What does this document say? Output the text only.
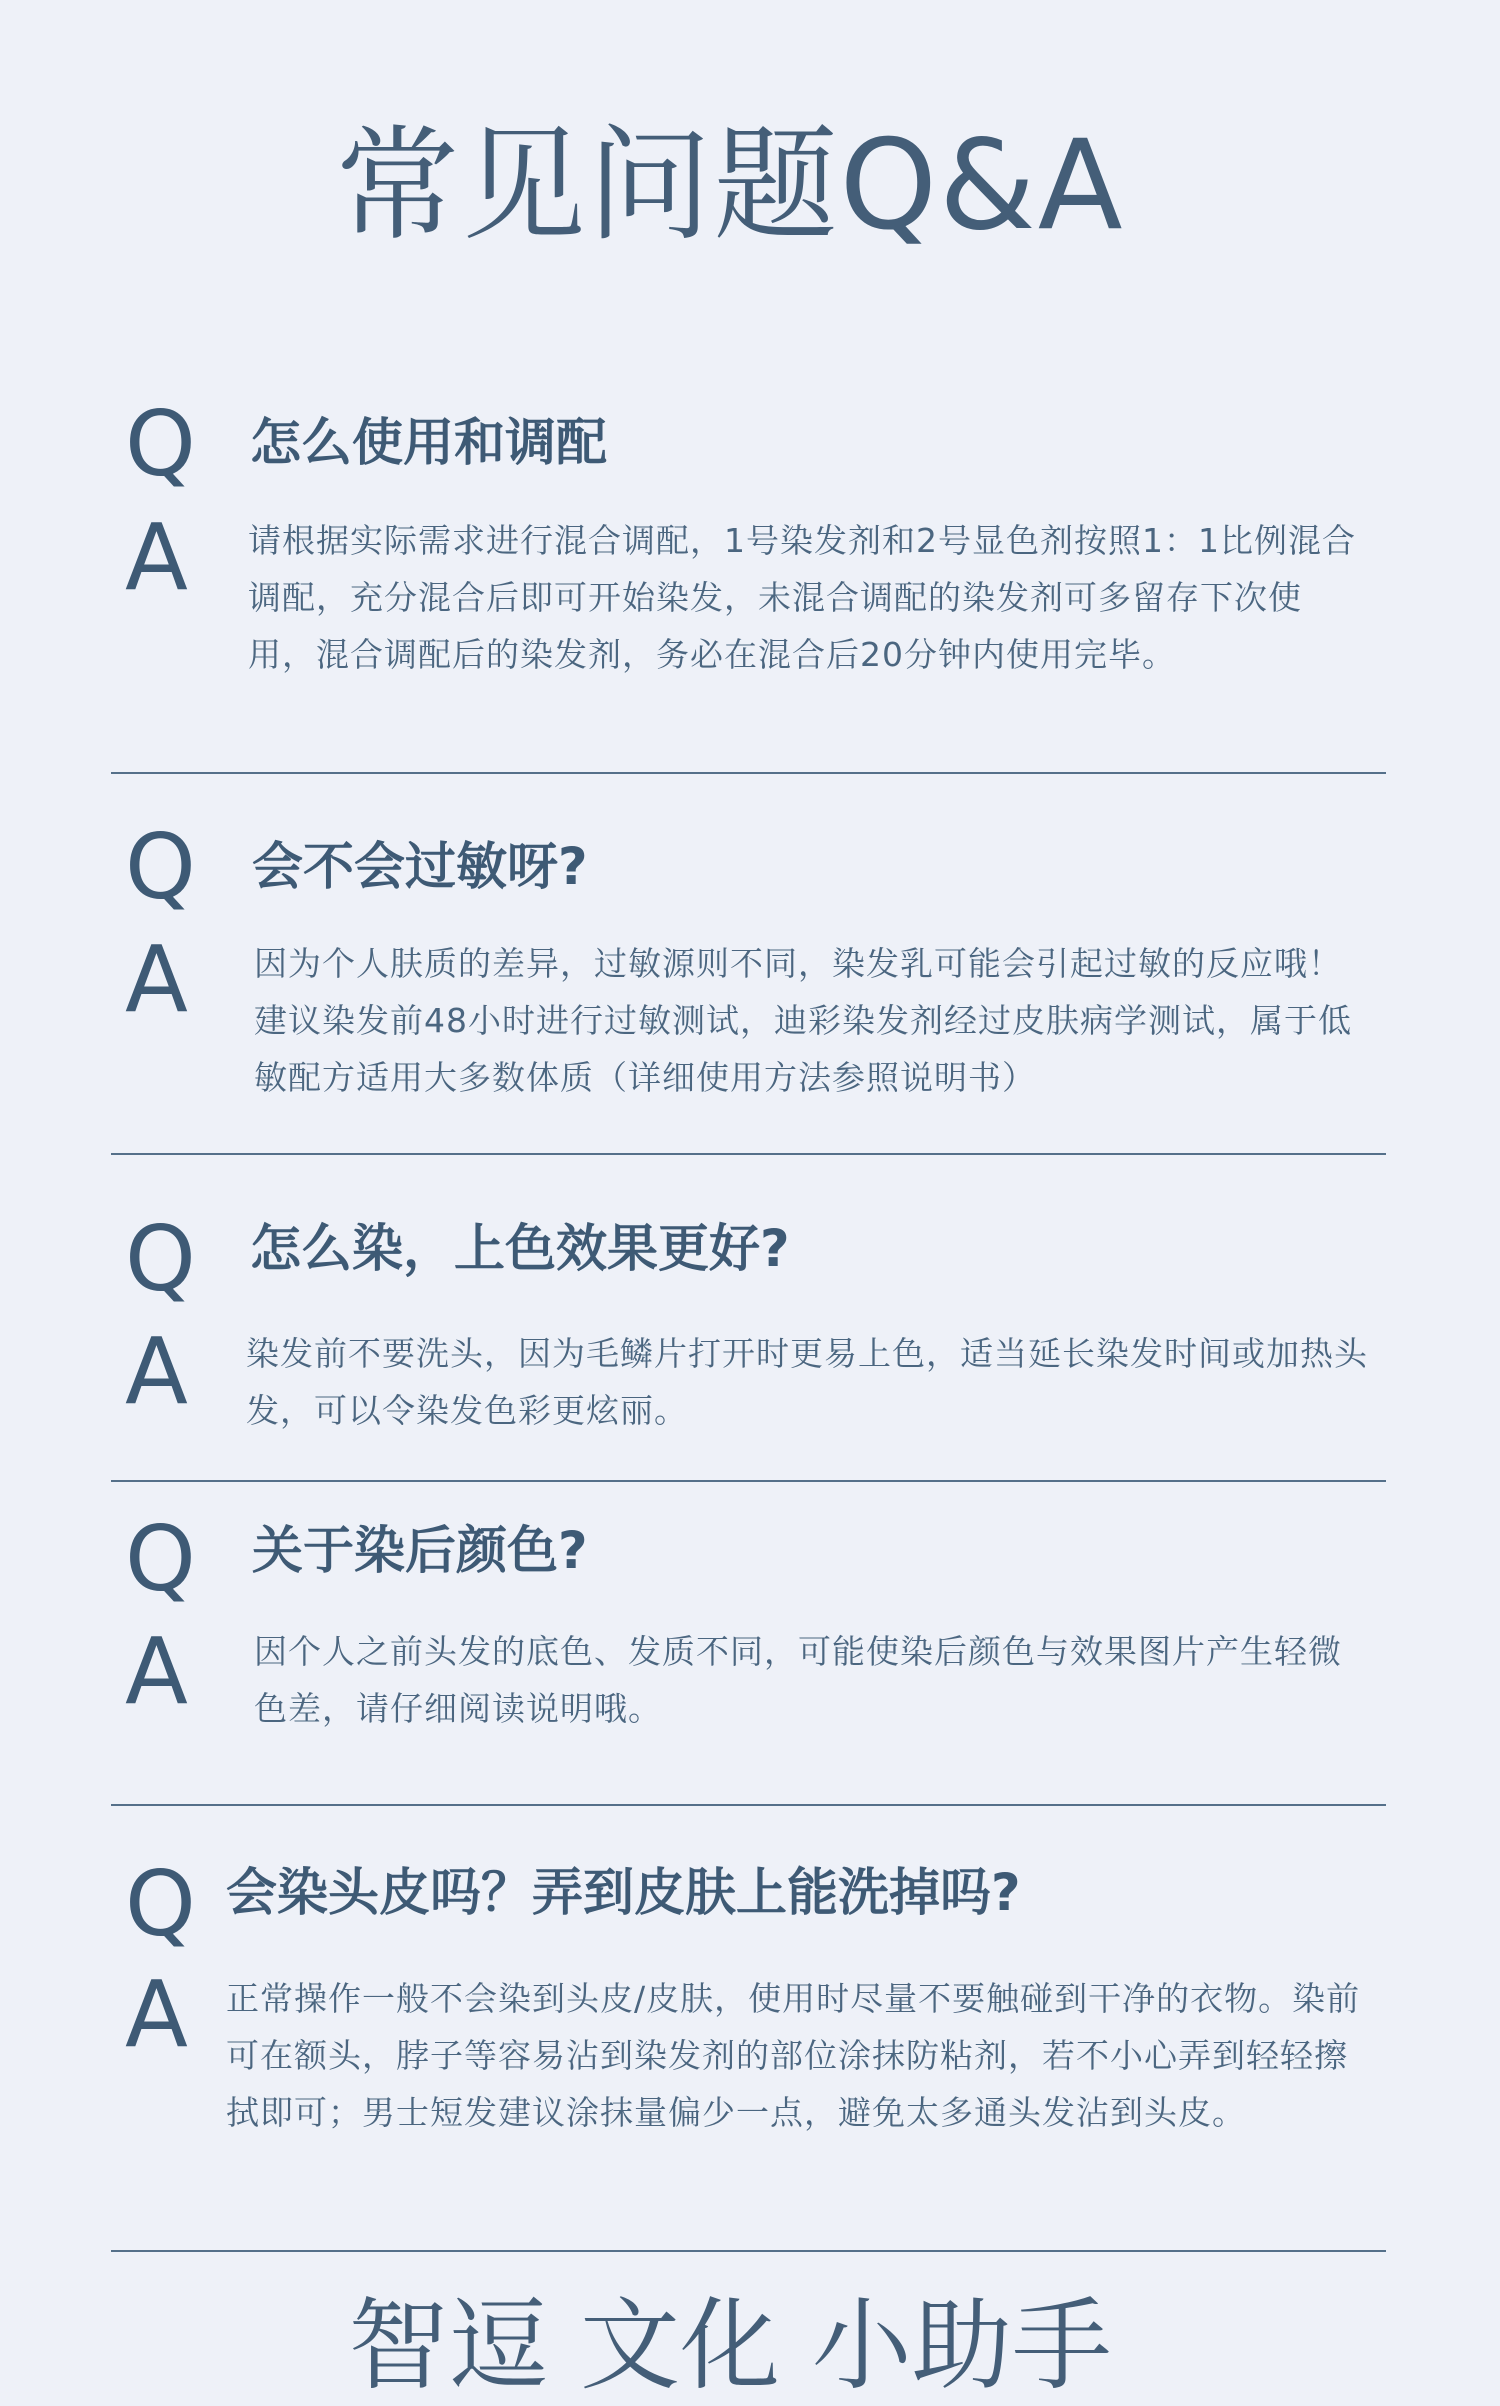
常见问题Q&A
Q 怎么使用和调配
A 请根据实际需求进行混合调配，1号染发剂和2号显色剂按照1：1比例混合调配，充分混合后即可开始染发，未混合调配的染发剂可多留存下次使用，混合调配后的染发剂，务必在混合后20分钟内使用完毕。

Q 会不会过敏呀?
A 因为个人肤质的差异，过敏源则不同，染发乳可能会引起过敏的反应哦！建议染发前48小时进行过敏测试，迪彩染发剂经过皮肤病学测试，属于低敏配方适用大多数体质（详细使用方法参照说明书）

Q 怎么染，上色效果更好?
A 染发前不要洗头，因为毛鳞片打开时更易上色，适当延长染发时间或加热头发，可以令染发色彩更炫丽。

Q 关于染后颜色?
A 因个人之前头发的底色、发质不同，可能使染后颜色与效果图片产生轻微色差，请仔细阅读说明哦。

Q 会染头皮吗？弄到皮肤上能洗掉吗?
A 正常操作一般不会染到头皮/皮肤，使用时尽量不要触碰到干净的衣物。染前可在额头，脖子等容易沾到染发剂的部位涂抹防粘剂，若不小心弄到轻轻擦拭即可；男士短发建议涂抹量偏少一点，避免太多通头发沾到头皮。

智逗 文化 小助手
